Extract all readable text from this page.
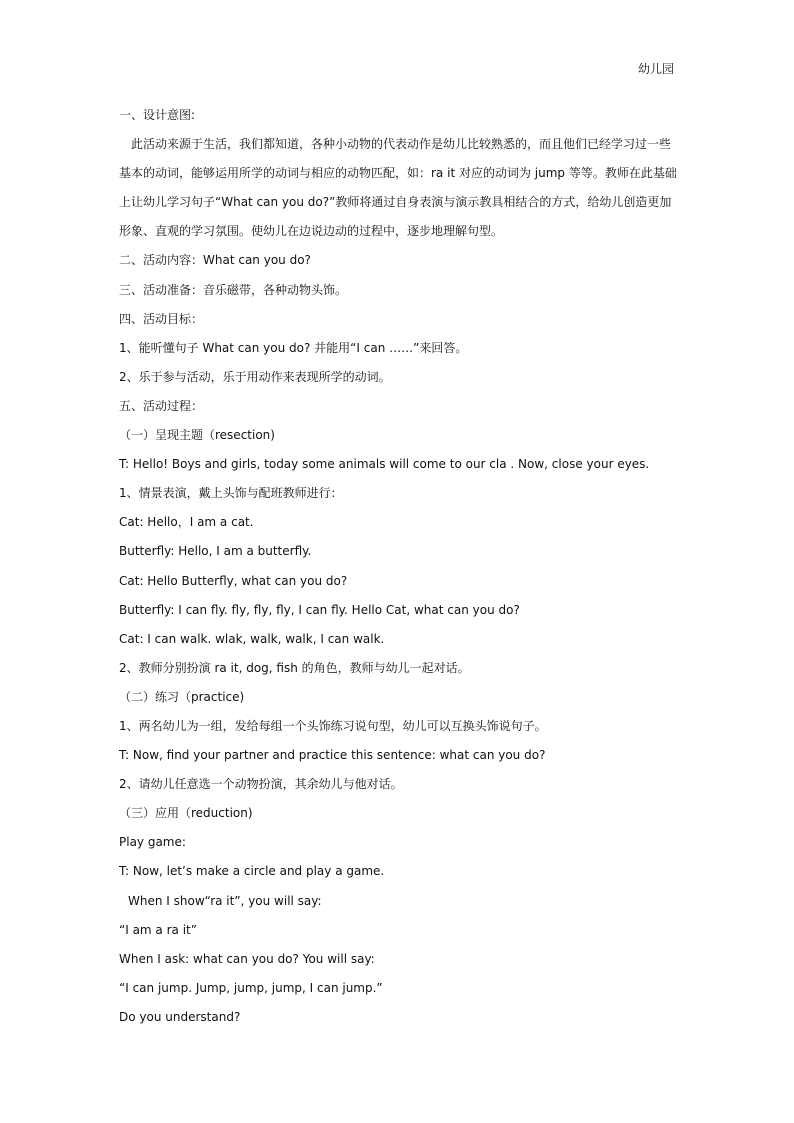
幼儿园
一、设计意图:
此活动来源于生活，我们都知道，各种小动物的代表动作是幼儿比较熟悉的，而且他们已经学习过一些
基本的动词，能够运用所学的动词与相应的动物匹配，如：ra it 对应的动词为 jump 等等。教师在此基础
上让幼儿学习句子“What can you do?”教师将通过自身表演与演示教具相结合的方式，给幼儿创造更加
形象、直观的学习氛围。使幼儿在边说边动的过程中，逐步地理解句型。
二、活动内容：What can you do?
三、活动准备：音乐磁带，各种动物头饰。
四、活动目标：
1、能听懂句子 What can you do? 并能用“I can ……”来回答。
2、乐于参与活动，乐于用动作来表现所学的动词。
五、活动过程：
（一）呈现主题（resection)
T: Hello! Boys and girls, today some animals will come to our cla . Now, close your eyes.
1、情景表演，戴上头饰与配班教师进行：
Cat: Hello，I am a cat.
Butterfly: Hello, I am a butterfly.
Cat: Hello Butterfly, what can you do?
Butterfly: I can fly. fly, fly, fly, I can fly. Hello Cat, what can you do?
Cat: I can walk. wlak, walk, walk, I can walk.
2、教师分别扮演 ra it, dog, fish 的角色，教师与幼儿一起对话。
（二）练习（practice)
1、两名幼儿为一组，发给每组一个头饰练习说句型，幼儿可以互换头饰说句子。
T: Now, find your partner and practice this sentence: what can you do?
2、请幼儿任意选一个动物扮演，其余幼儿与他对话。
（三）应用（reduction)
Play game:
T: Now, let’s make a circle and play a game.
When I show“ra it”, you will say:
“I am a ra it”
When I ask: what can you do? You will say:
“I can jump. Jump, jump, jump, I can jump.”
Do you understand?
